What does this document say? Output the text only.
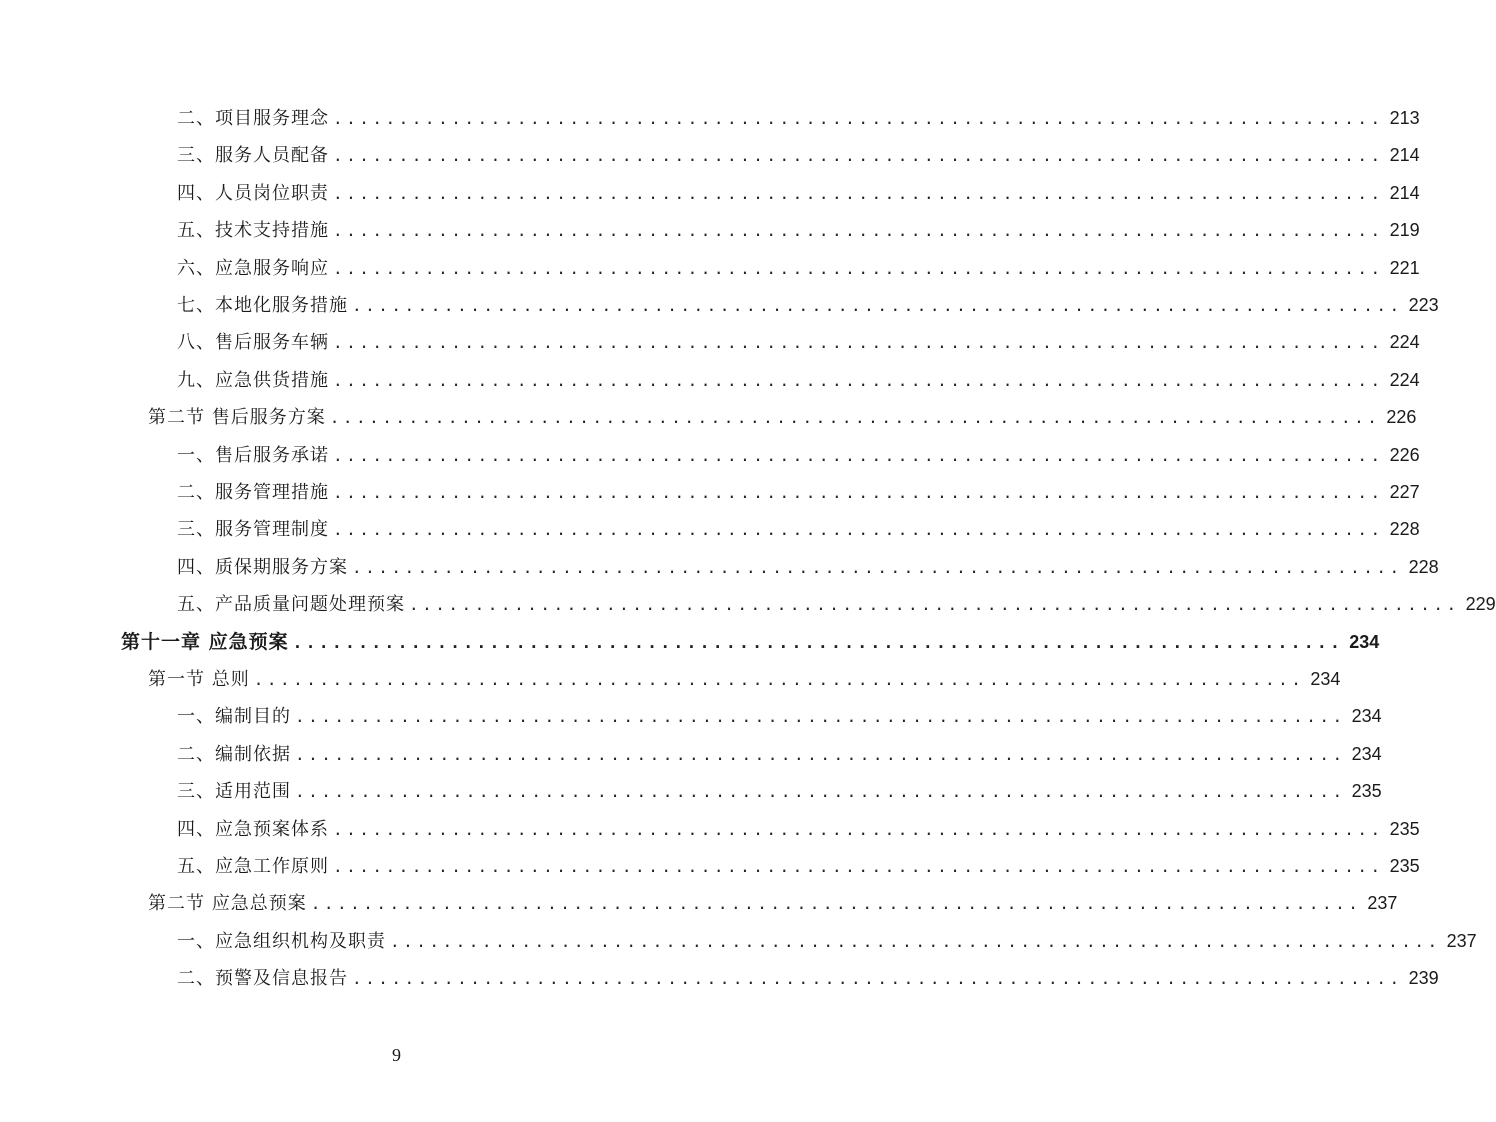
二、项目服务理念 ................................................................................ 213
三、服务人员配备 ................................................................................ 214
四、人员岗位职责 ................................................................................ 214
五、技术支持措施 ................................................................................ 219
六、应急服务响应 ................................................................................ 221
七、本地化服务措施 ................................................................................ 223
八、售后服务车辆 ................................................................................ 224
九、应急供货措施 ................................................................................ 224
第二节 售后服务方案 ................................................................................ 226
一、售后服务承诺 ................................................................................ 226
二、服务管理措施 ................................................................................ 227
三、服务管理制度 ................................................................................ 228
四、质保期服务方案 ................................................................................ 228
五、产品质量问题处理预案 ................................................................................ 229
第十一章 应急预案 ................................................................................ 234
第一节 总则 ................................................................................ 234
一、编制目的 ................................................................................ 234
二、编制依据 ................................................................................ 234
三、适用范围 ................................................................................ 235
四、应急预案体系 ................................................................................ 235
五、应急工作原则 ................................................................................ 235
第二节 应急总预案 ................................................................................ 237
一、应急组织机构及职责 ................................................................................ 237
二、预警及信息报告 ................................................................................ 239
9
